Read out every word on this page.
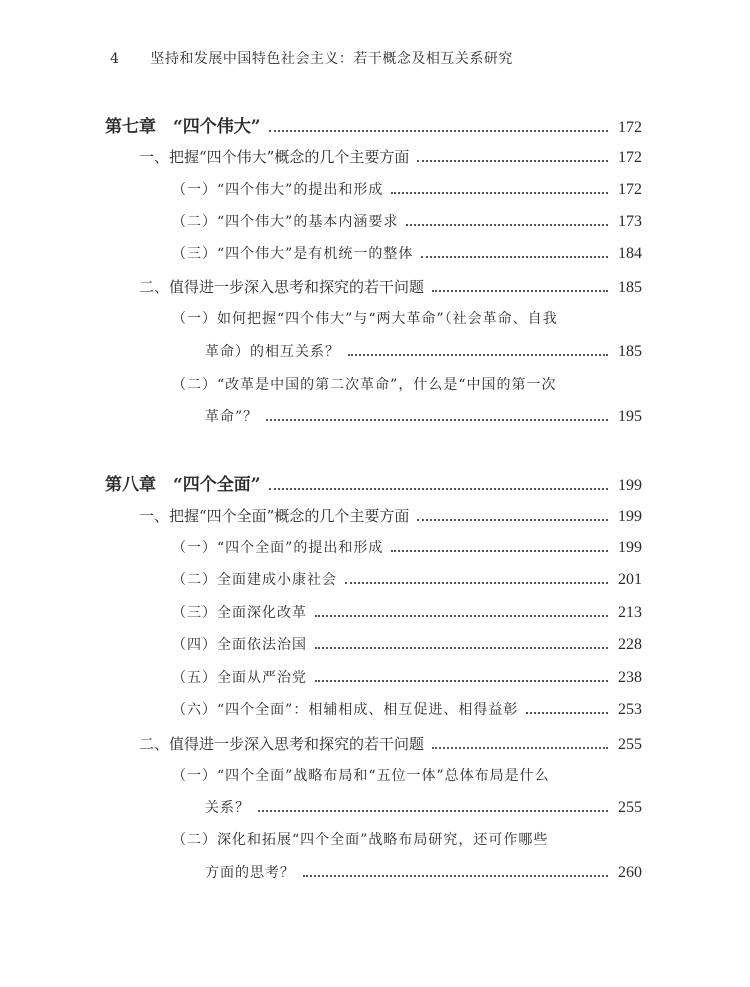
4 坚持和发展中国特色社会主义：若干概念及相互关系研究
第七章　“四个伟大”	172
一、把握“四个伟大”概念的几个主要方面	172
（一）“四个伟大”的提出和形成	172
（二）“四个伟大”的基本内涵要求	173
（三）“四个伟大”是有机统一的整体	184
二、值得进一步深入思考和探究的若干问题	185
（一）如何把握“四个伟大”与“两大革命”（社会革命、自我
革命）的相互关系？	185
（二）“改革是中国的第二次革命”，什么是“中国的第一次
革命”？	195
第八章　“四个全面”	199
一、把握“四个全面”概念的几个主要方面	199
（一）“四个全面”的提出和形成	199
（二）全面建成小康社会	201
（三）全面深化改革	213
（四）全面依法治国	228
（五）全面从严治党	238
（六）“四个全面”：相辅相成、相互促进、相得益彰	253
二、值得进一步深入思考和探究的若干问题	255
（一）“四个全面”战略布局和“五位一体”总体布局是什么
关系？	255
（二）深化和拓展“四个全面”战略布局研究，还可作哪些
方面的思考？	260
